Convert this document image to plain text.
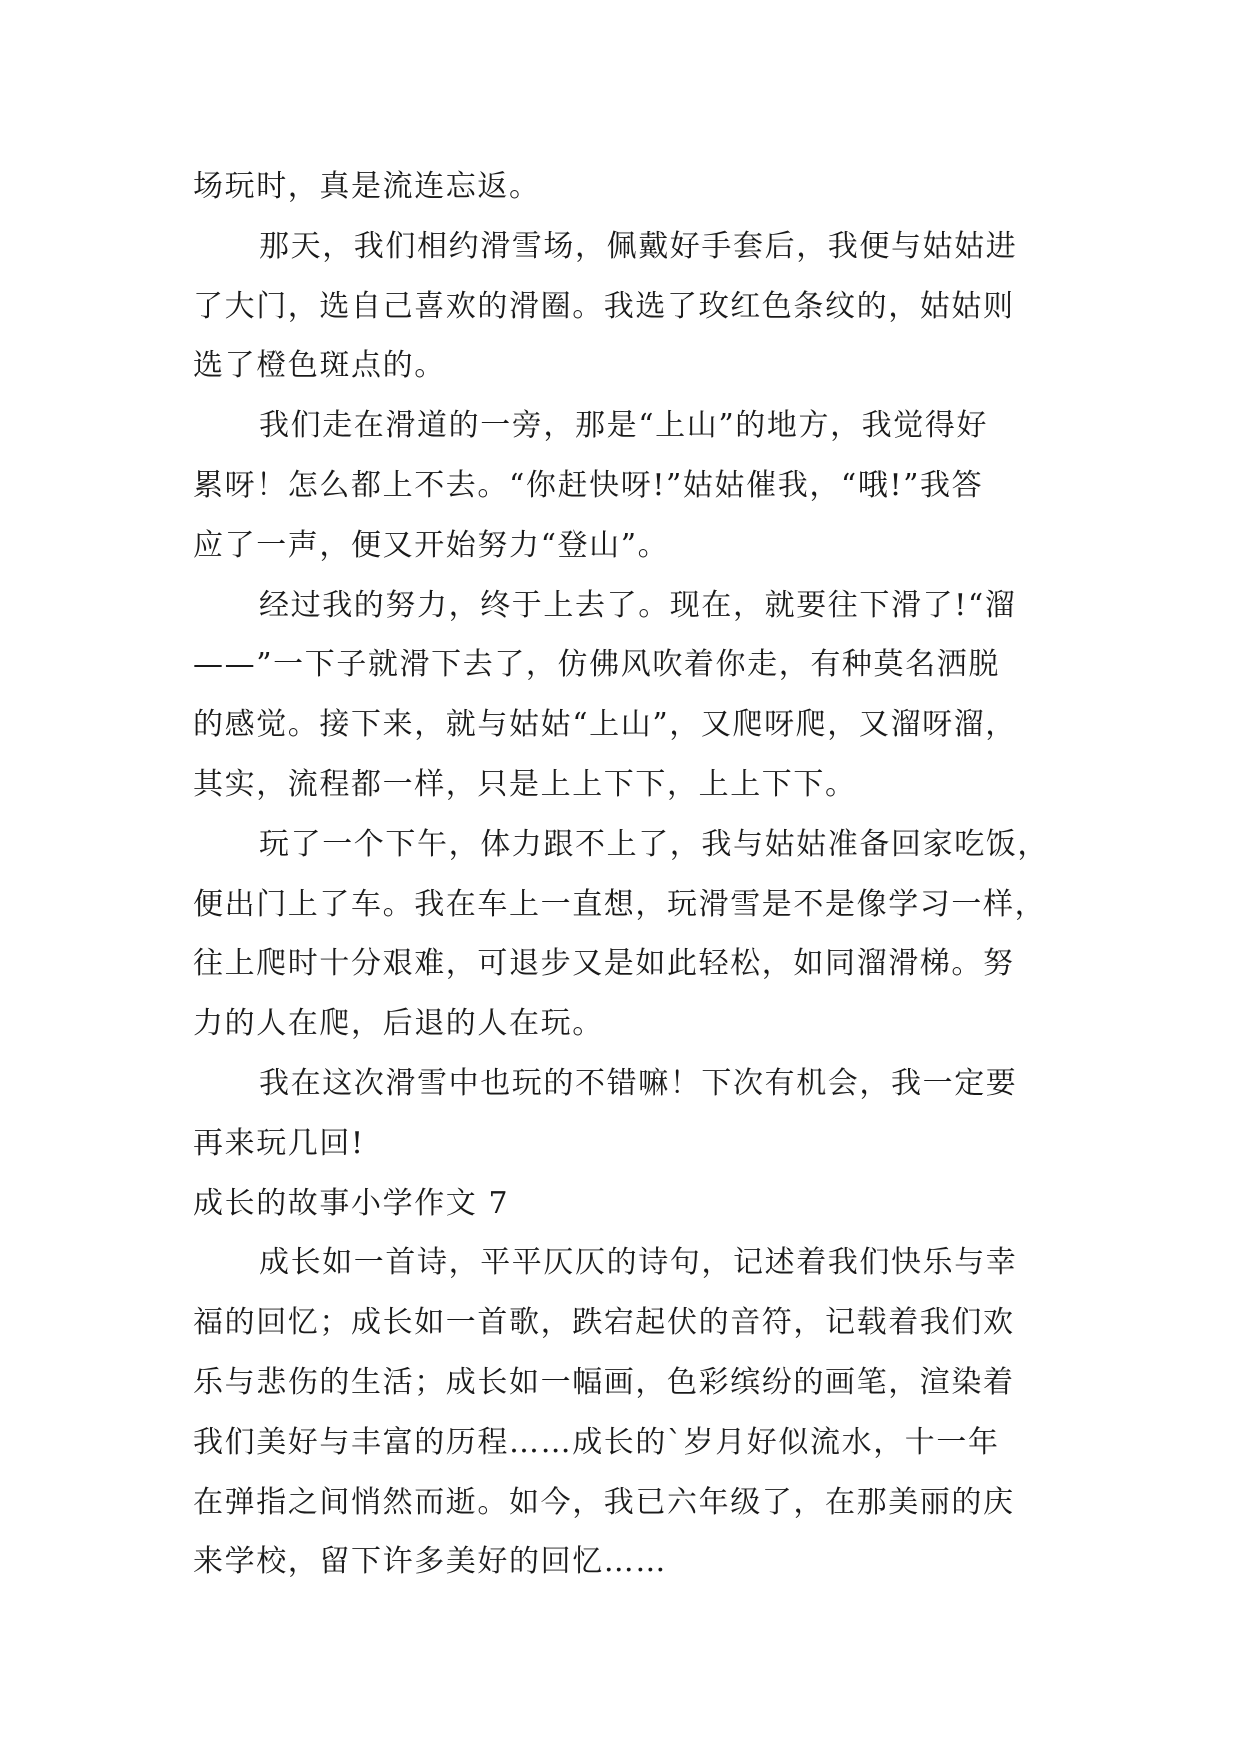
场玩时，真是流连忘返。
那天，我们相约滑雪场，佩戴好手套后，我便与姑姑进
了大门，选自己喜欢的滑圈。我选了玫红色条纹的，姑姑则
选了橙色斑点的。
我们走在滑道的一旁，那是“上山”的地方，我觉得好
累呀！怎么都上不去。“你赶快呀!”姑姑催我，“哦!”我答
应了一声，便又开始努力“登山”。
经过我的努力，终于上去了。现在，就要往下滑了!“溜
——”一下子就滑下去了，仿佛风吹着你走，有种莫名洒脱
的感觉。接下来，就与姑姑“上山”，又爬呀爬，又溜呀溜，
其实，流程都一样，只是上上下下，上上下下。
玩了一个下午，体力跟不上了，我与姑姑准备回家吃饭，
便出门上了车。我在车上一直想，玩滑雪是不是像学习一样，
往上爬时十分艰难，可退步又是如此轻松，如同溜滑梯。努
力的人在爬，后退的人在玩。
我在这次滑雪中也玩的不错嘛！下次有机会，我一定要
再来玩几回!
成长的故事小学作文 7
成长如一首诗，平平仄仄的诗句，记述着我们快乐与幸
福的回忆；成长如一首歌，跌宕起伏的音符，记载着我们欢
乐与悲伤的生活；成长如一幅画，色彩缤纷的画笔，渲染着
我们美好与丰富的历程……成长的`岁月好似流水，十一年
在弹指之间悄然而逝。如今，我已六年级了，在那美丽的庆
来学校，留下许多美好的回忆……
